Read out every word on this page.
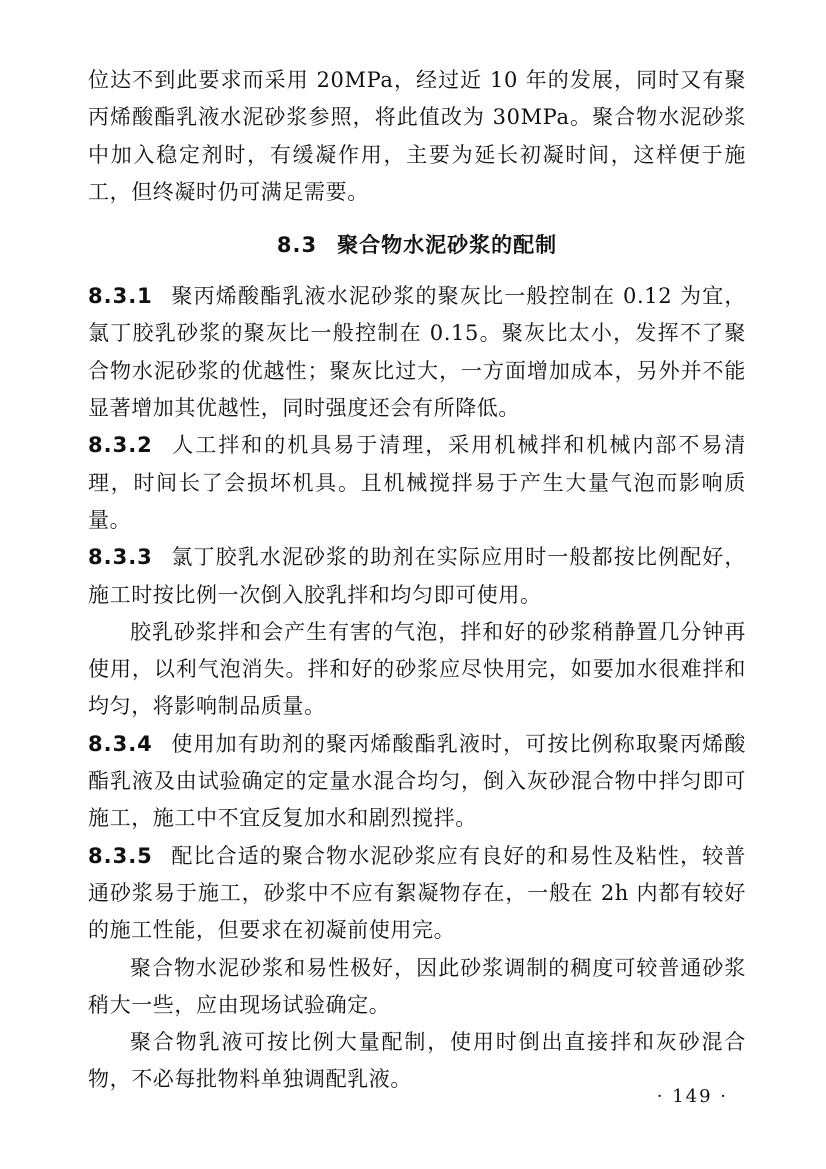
位达不到此要求而采用 20MPa，经过近 10 年的发展，同时又有聚丙烯酸酯乳液水泥砂浆参照，将此值改为 30MPa。聚合物水泥砂浆中加入稳定剂时，有缓凝作用，主要为延长初凝时间，这样便于施工，但终凝时仍可满足需要。

8.3 聚合物水泥砂浆的配制

8.3.1 聚丙烯酸酯乳液水泥砂浆的聚灰比一般控制在 0.12 为宜，氯丁胶乳砂浆的聚灰比一般控制在 0.15。聚灰比太小，发挥不了聚合物水泥砂浆的优越性；聚灰比过大，一方面增加成本，另外并不能显著增加其优越性，同时强度还会有所降低。

8.3.2 人工拌和的机具易于清理，采用机械拌和机械内部不易清理，时间长了会损坏机具。且机械搅拌易于产生大量气泡而影响质量。

8.3.3 氯丁胶乳水泥砂浆的助剂在实际应用时一般都按比例配好，施工时按比例一次倒入胶乳拌和均匀即可使用。

胶乳砂浆拌和会产生有害的气泡，拌和好的砂浆稍静置几分钟再使用，以利气泡消失。拌和好的砂浆应尽快用完，如要加水很难拌和均匀，将影响制品质量。

8.3.4 使用加有助剂的聚丙烯酸酯乳液时，可按比例称取聚丙烯酸酯乳液及由试验确定的定量水混合均匀，倒入灰砂混合物中拌匀即可施工，施工中不宜反复加水和剧烈搅拌。

8.3.5 配比合适的聚合物水泥砂浆应有良好的和易性及粘性，较普通砂浆易于施工，砂浆中不应有絮凝物存在，一般在 2h 内都有较好的施工性能，但要求在初凝前使用完。

聚合物水泥砂浆和易性极好，因此砂浆调制的稠度可较普通砂浆稍大一些，应由现场试验确定。

聚合物乳液可按比例大量配制，使用时倒出直接拌和灰砂混合物，不必每批物料单独调配乳液。

· 149 ·
